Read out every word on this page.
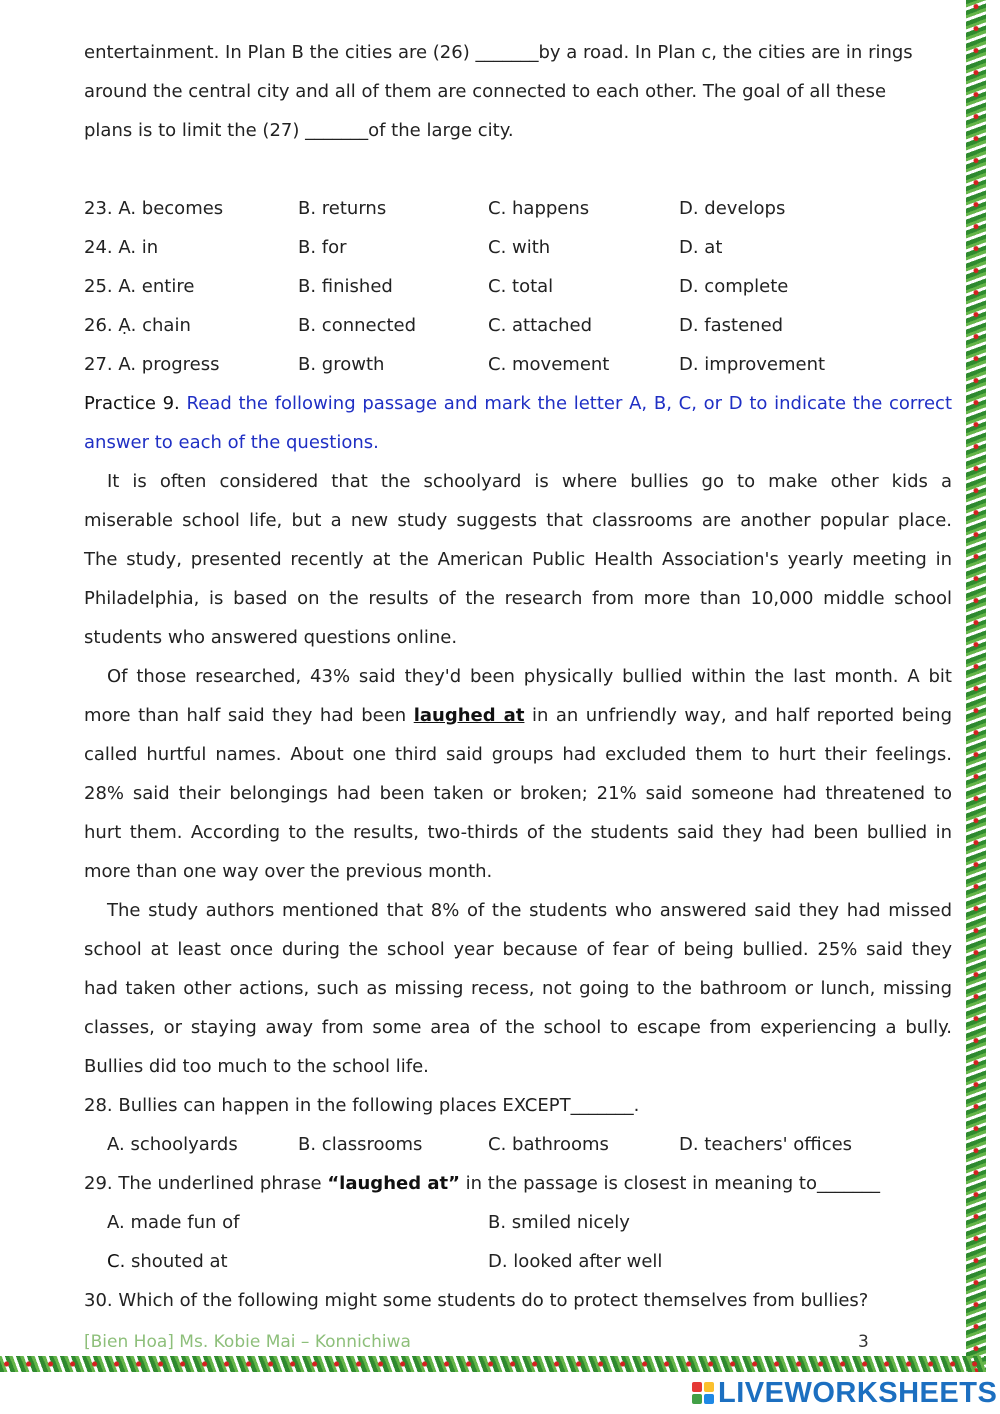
entertainment. In Plan B the cities are (26) _______by a road. In Plan c, the cities are in rings
around the central city and all of them are connected to each other. The goal of all these
plans is to limit the (27) _______of the large city.
23. A. becomes	B. returns	C. happens	D. develops
24. A. in	B. for	C. with	D. at
25. A. entire	B. finished	C. total	D. complete
26. Ạ. chain	B. connected	C. attached	D. fastened
27. A. progress	B. growth	C. movement	D. improvement
Practice 9. Read the following passage and mark the letter A, B, C, or D to indicate the correct
answer to each of the questions.
It is often considered that the schoolyard is where bullies go to make other kids a
miserable school life, but a new study suggests that classrooms are another popular place.
The study, presented recently at the American Public Health Association's yearly meeting in
Philadelphia, is based on the results of the research from more than 10,000 middle school
students who answered questions online.
Of those researched, 43% said they'd been physically bullied within the last month. A bit
more than half said they had been laughed at in an unfriendly way, and half reported being
called hurtful names. About one third said groups had excluded them to hurt their feelings.
28% said their belongings had been taken or broken; 21% said someone had threatened to
hurt them. According to the results, two-thirds of the students said they had been bullied in
more than one way over the previous month.
The study authors mentioned that 8% of the students who answered said they had missed
school at least once during the school year because of fear of being bullied. 25% said they
had taken other actions, such as missing recess, not going to the bathroom or lunch, missing
classes, or staying away from some area of the school to escape from experiencing a bully.
Bullies did too much to the school life.
28. Bullies can happen in the following places EXCEPT_______.
A. schoolyards	B. classrooms	C. bathrooms	D. teachers' offices
29. The underlined phrase “laughed at” in the passage is closest in meaning to_______
A. made fun of	B. smiled nicely
C. shouted at	D. looked after well
30. Which of the following might some students do to protect themselves from bullies?
[Bien Hoa] Ms. Kobie Mai – Konnichiwa	3
LIVEWORKSHEETS
